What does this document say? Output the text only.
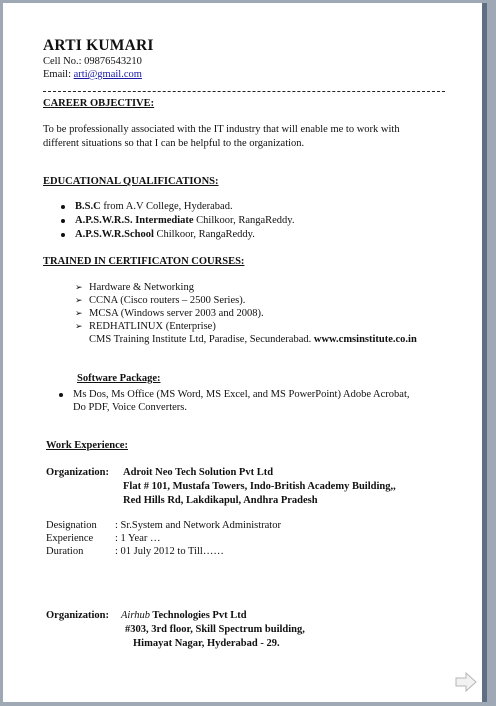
ARTI KUMARI
Cell No.: 09876543210
Email: arti@gmail.com
CAREER OBJECTIVE:
To be professionally associated with the IT industry that will enable me to work with
different situations so that I can be helpful to the organization.
EDUCATIONAL QUALIFICATIONS:
B.S.C from A.V College, Hyderabad.
A.P.S.W.R.S. Intermediate Chilkoor, RangaReddy.
A.P.S.W.R.School Chilkoor, RangaReddy.
TRAINED IN CERTIFICATON COURSES:
➢ Hardware & Networking
➢ CCNA (Cisco routers – 2500 Series).
➢ MCSA (Windows server 2003 and 2008).
➢ REDHATLINUX (Enterprise)
CMS Training Institute Ltd, Paradise, Secunderabad. www.cmsinstitute.co.in
Software Package:
Ms Dos, Ms Office (MS Word, MS Excel, and MS PowerPoint) Adobe Acrobat,
Do PDF, Voice Converters.
Work Experience:
Organization: Adroit Neo Tech Solution Pvt Ltd
Flat # 101, Mustafa Towers, Indo-British Academy Building,,
Red Hills Rd, Lakdikapul, Andhra Pradesh
Designation : Sr.System and Network Administrator
Experience : 1 Year …
Duration	: 01 July 2012 to Till……
Organization: Airhub Technologies Pvt Ltd
#303, 3rd floor, Skill Spectrum building,
Himayat Nagar, Hyderabad - 29.
